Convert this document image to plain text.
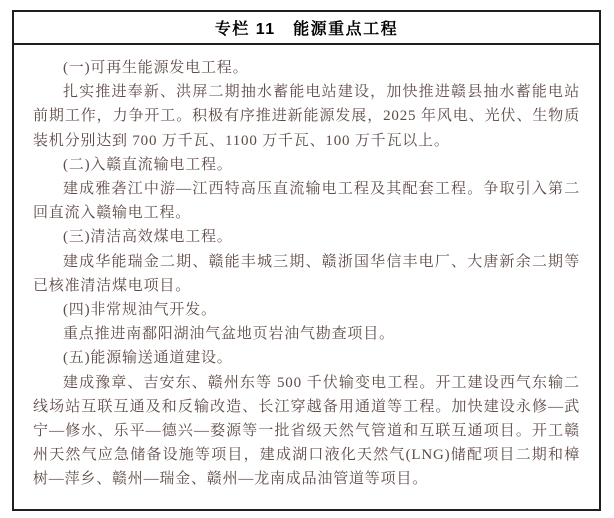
专栏 11　能源重点工程

(一)可再生能源发电工程。

扎实推进奉新、洪屏二期抽水蓄能电站建设，加快推进赣县抽水蓄能电站前期工作，力争开工。积极有序推进新能源发展，2025 年风电、光伏、生物质装机分别达到 700 万千瓦、1100 万千瓦、100 万千瓦以上。

(二)入赣直流输电工程。

建成雅砻江中游—江西特高压直流输电工程及其配套工程。争取引入第二回直流入赣输电工程。

(三)清洁高效煤电工程。

建成华能瑞金二期、赣能丰城三期、赣浙国华信丰电厂、大唐新余二期等已核准清洁煤电项目。

(四)非常规油气开发。

重点推进南鄱阳湖油气盆地页岩油气勘查项目。

(五)能源输送通道建设。

建成豫章、吉安东、赣州东等 500 千伏输变电工程。开工建设西气东输二线场站互联互通及和反输改造、长江穿越备用通道等工程。加快建设永修—武宁—修水、乐平—德兴—婺源等一批省级天然气管道和互联互通项目。开工赣州天然气应急储备设施等项目，建成湖口液化天然气(LNG)储配项目二期和樟树—萍乡、赣州—瑞金、赣州—龙南成品油管道等项目。
